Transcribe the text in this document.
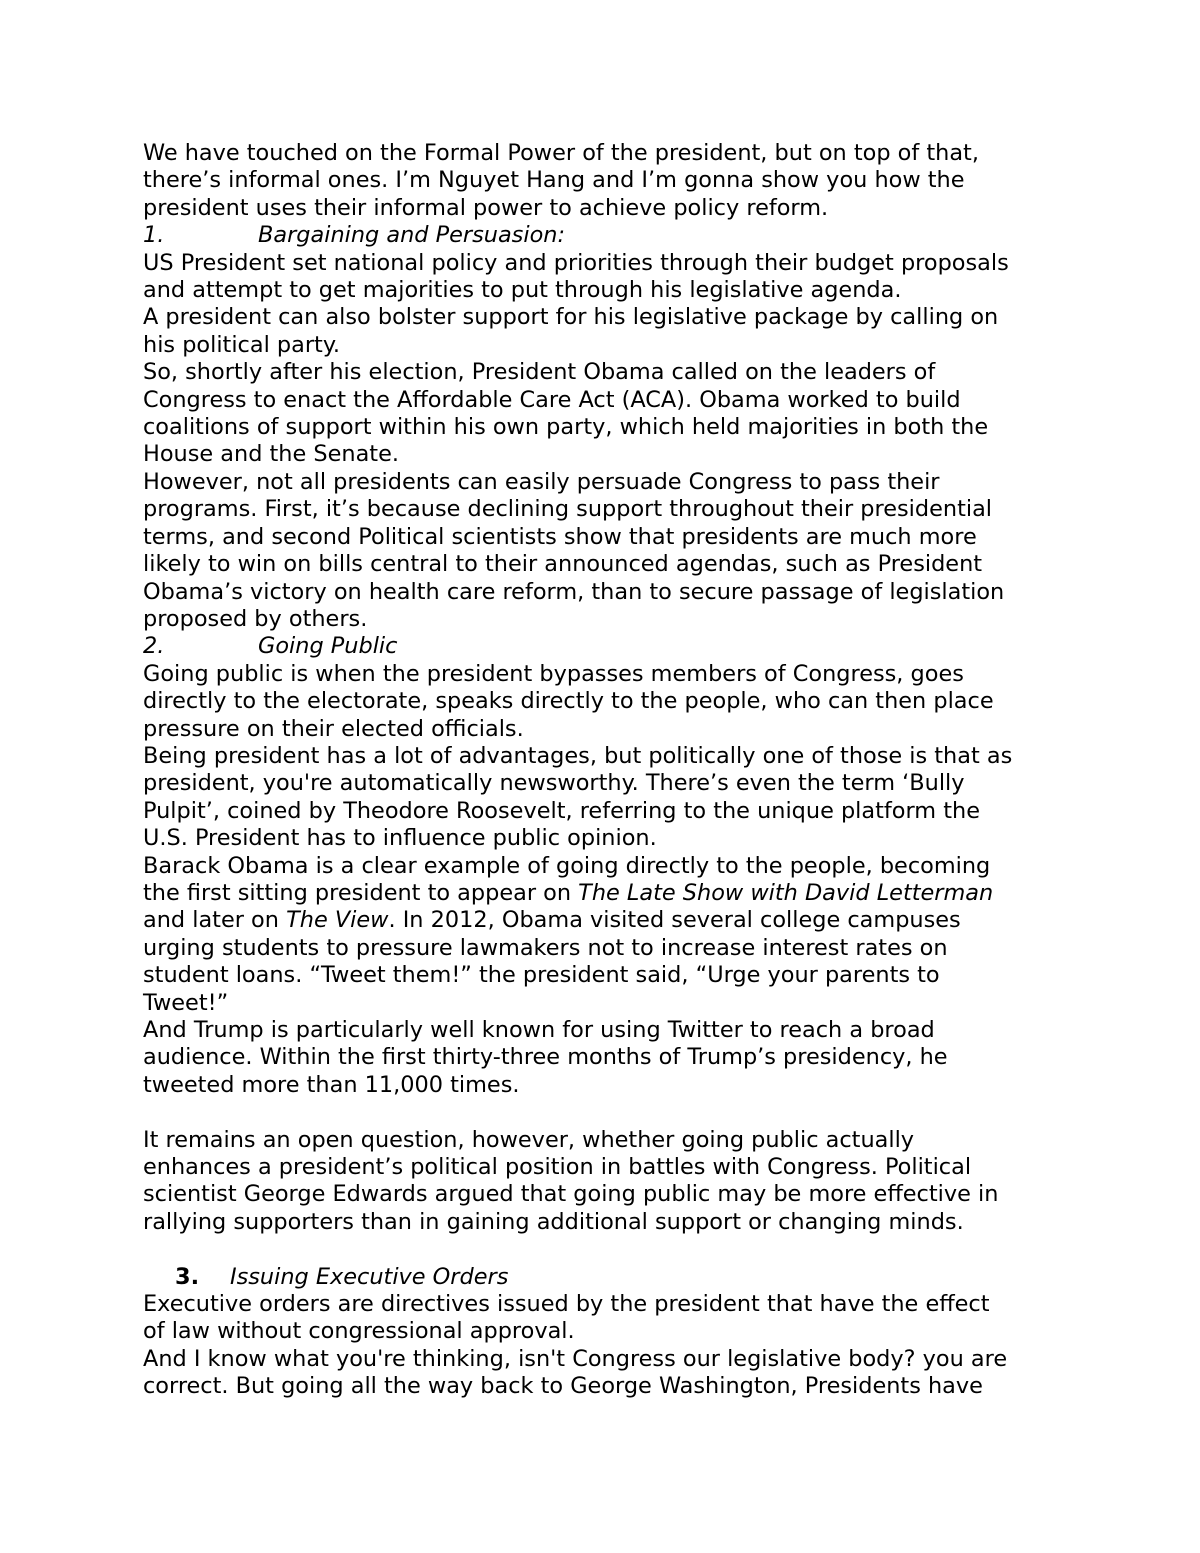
We have touched on the Formal Power of the president, but on top of that,

there’s informal ones. I’m Nguyet Hang and I’m gonna show you how the

president uses their informal power to achieve policy reform.

1.	Bargaining and Persuasion:

US President set national policy and priorities through their budget proposals

and attempt to get majorities to put through his legislative agenda.

A president can also bolster support for his legislative package by calling on

his political party.

So, shortly after his election, President Obama called on the leaders of

Congress to enact the Affordable Care Act (ACA). Obama worked to build

coalitions of support within his own party, which held majorities in both the

House and the Senate.

However, not all presidents can easily persuade Congress to pass their

programs. First, it’s because declining support throughout their presidential

terms, and second Political scientists show that presidents are much more

likely to win on bills central to their announced agendas, such as President

Obama’s victory on health care reform, than to secure passage of legislation

proposed by others.

2.	Going Public

Going public is when the president bypasses members of Congress, goes

directly to the electorate, speaks directly to the people, who can then place

pressure on their elected officials.

Being president has a lot of advantages, but politically one of those is that as

president, you're automatically newsworthy. There’s even the term ‘Bully

Pulpit’, coined by Theodore Roosevelt, referring to the unique platform the

U.S. President has to influence public opinion.

Barack Obama is a clear example of going directly to the people, becoming

the first sitting president to appear on The Late Show with David Letterman

and later on The View. In 2012, Obama visited several college campuses

urging students to pressure lawmakers not to increase interest rates on

student loans. “Tweet them!” the president said, “Urge your parents to

Tweet!”

And Trump is particularly well known for using Twitter to reach a broad

audience. Within the first thirty-three months of Trump’s presidency, he

tweeted more than 11,000 times.

It remains an open question, however, whether going public actually

enhances a president’s political position in battles with Congress. Political

scientist George Edwards argued that going public may be more effective in

rallying supporters than in gaining additional support or changing minds.

3. Issuing Executive Orders

Executive orders are directives issued by the president that have the effect

of law without congressional approval.

And I know what you're thinking, isn't Congress our legislative body? you are

correct. But going all the way back to George Washington, Presidents have
